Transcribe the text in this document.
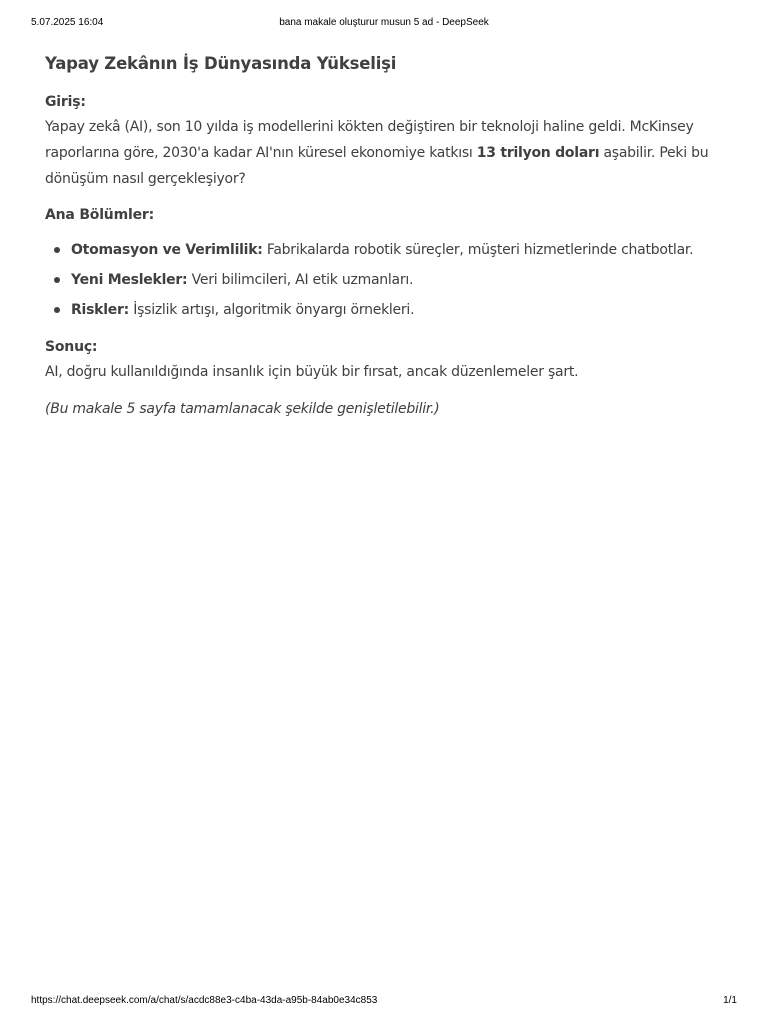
5.07.2025 16:04	bana makale oluşturur musun 5 ad - DeepSeek
Yapay Zekânın İş Dünyasında Yükselişi
Giriş:

Yapay zekâ (AI), son 10 yılda iş modellerini kökten değiştiren bir teknoloji haline geldi. McKinsey raporlarına göre, 2030'a kadar AI'nın küresel ekonomiye katkısı 13 trilyon doları aşabilir. Peki bu dönüşüm nasıl gerçekleşiyor?

Ana Bölümler:
Otomasyon ve Verimlilik: Fabrikalarda robotik süreçler, müşteri hizmetlerinde chatbotlar.
Yeni Meslekler: Veri bilimcileri, AI etik uzmanları.
Riskler: İşsizlik artışı, algoritmik önyargı örnekleri.
Sonuç:

AI, doğru kullanıldığında insanlık için büyük bir fırsat, ancak düzenlemeler şart.

(Bu makale 5 sayfa tamamlanacak şekilde genişletilebilir.)

https://chat.deepseek.com/a/chat/s/acdc88e3-c4ba-43da-a95b-84ab0e34c853	1/1
